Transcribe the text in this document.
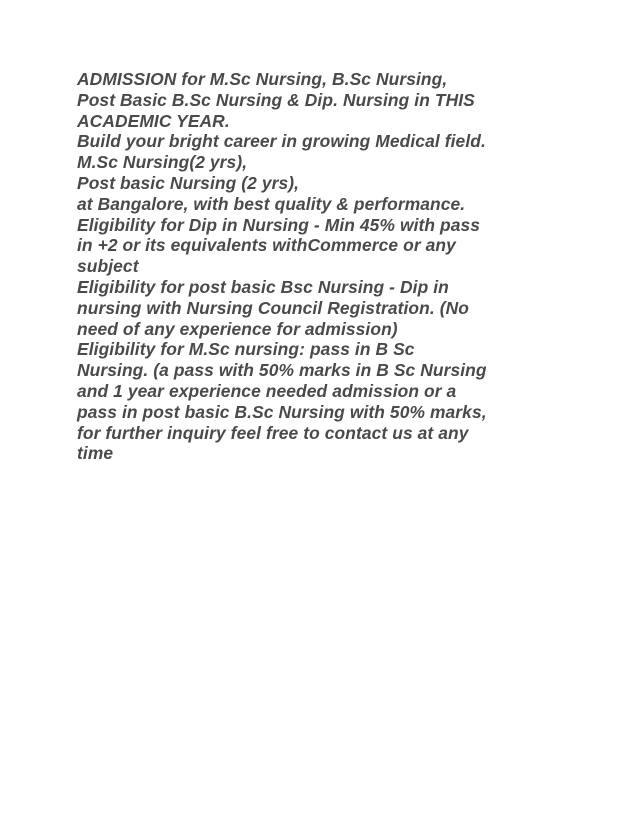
ADMISSION for M.Sc Nursing, B.Sc Nursing,
Post Basic B.Sc Nursing & Dip. Nursing in THIS
ACADEMIC YEAR.
Build your bright career in growing Medical field.
M.Sc Nursing(2 yrs),
Post basic Nursing (2 yrs),
at Bangalore, with best quality & performance.
Eligibility for Dip in Nursing - Min 45% with pass
in +2 or its equivalents withCommerce or any
subject
Eligibility for post basic Bsc Nursing - Dip in
nursing with Nursing Council Registration. (No
need of any experience for admission)
Eligibility for M.Sc nursing: pass in B Sc
Nursing. (a pass with 50% marks in B Sc Nursing
and 1 year experience needed admission or a
pass in post basic B.Sc Nursing with 50% marks,
for further inquiry feel free to contact us at any
time
